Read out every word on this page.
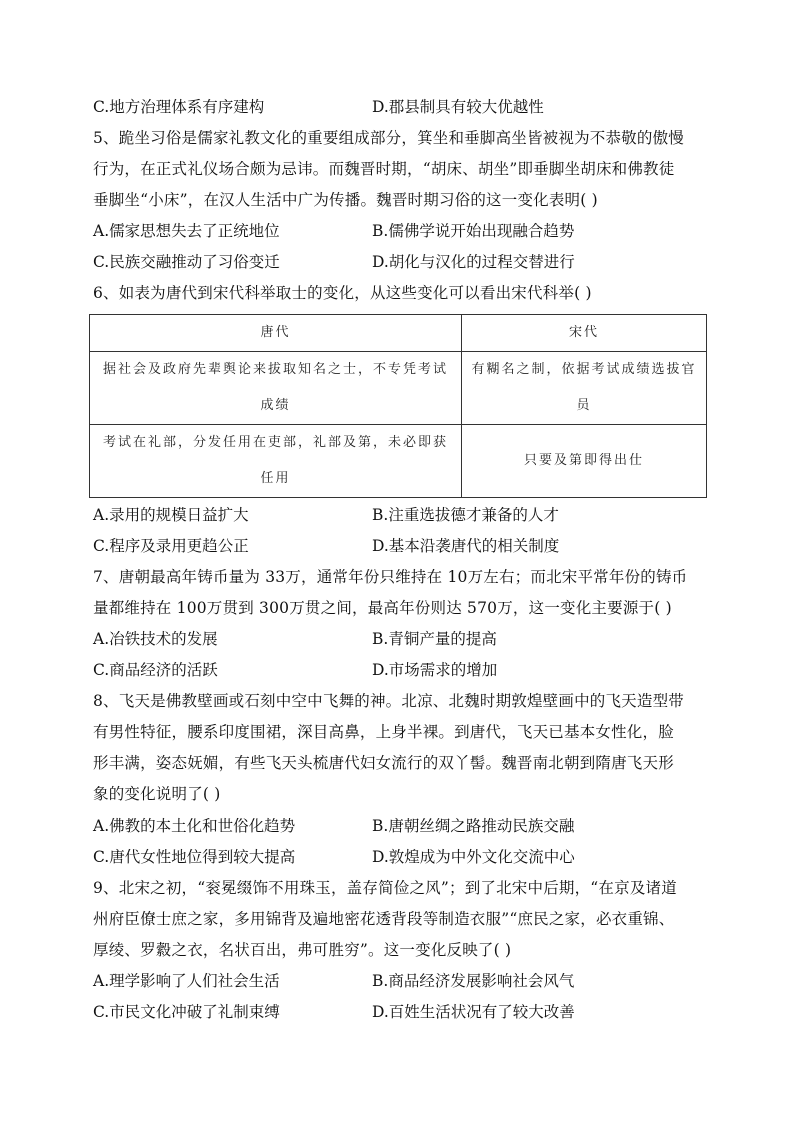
C.地方治理体系有序建构	D.郡县制具有较大优越性
5、跪坐习俗是儒家礼教文化的重要组成部分，箕坐和垂脚高坐皆被视为不恭敬的傲慢
行为，在正式礼仪场合颇为忌讳。而魏晋时期，“胡床、胡坐”即垂脚坐胡床和佛教徒
垂脚坐“小床”，在汉人生活中广为传播。魏晋时期习俗的这一变化表明( )
A.儒家思想失去了正统地位	B.儒佛学说开始出现融合趋势
C.民族交融推动了习俗变迁	D.胡化与汉化的过程交替进行
6、如表为唐代到宋代科举取士的变化，从这些变化可以看出宋代科举( )
唐代	宋代
据社会及政府先辈舆论来拔取知名之士，不专凭考试成绩	有糊名之制，依据考试成绩选拔官员
考试在礼部，分发任用在吏部，礼部及第，未必即获任用	只要及第即得出仕
A.录用的规模日益扩大	B.注重选拔德才兼备的人才
C.程序及录用更趋公正	D.基本沿袭唐代的相关制度
7、唐朝最高年铸币量为 33万，通常年份只维持在 10万左右；而北宋平常年份的铸币
量都维持在 100万贯到 300万贯之间，最高年份则达 570万，这一变化主要源于( )
A.冶铁技术的发展	B.青铜产量的提高
C.商品经济的活跃	D.市场需求的增加
8、飞天是佛教壁画或石刻中空中飞舞的神。北凉、北魏时期敦煌壁画中的飞天造型带
有男性特征，腰系印度围裙，深目高鼻，上身半裸。到唐代，飞天已基本女性化，脸
形丰满，姿态妩媚，有些飞天头梳唐代妇女流行的双丫髻。魏晋南北朝到隋唐飞天形
象的变化说明了( )
A.佛教的本土化和世俗化趋势	B.唐朝丝绸之路推动民族交融
C.唐代女性地位得到较大提高	D.敦煌成为中外文化交流中心
9、北宋之初，“衮冕缀饰不用珠玉，盖存简俭之风”；到了北宋中后期，“在京及诸道
州府臣僚士庶之家，多用锦背及遍地密花透背段等制造衣服”“庶民之家，必衣重锦、
厚绫、罗縠之衣，名状百出，弗可胜穷”。这一变化反映了( )
A.理学影响了人们社会生活	B.商品经济发展影响社会风气
C.市民文化冲破了礼制束缚	D.百姓生活状况有了较大改善
